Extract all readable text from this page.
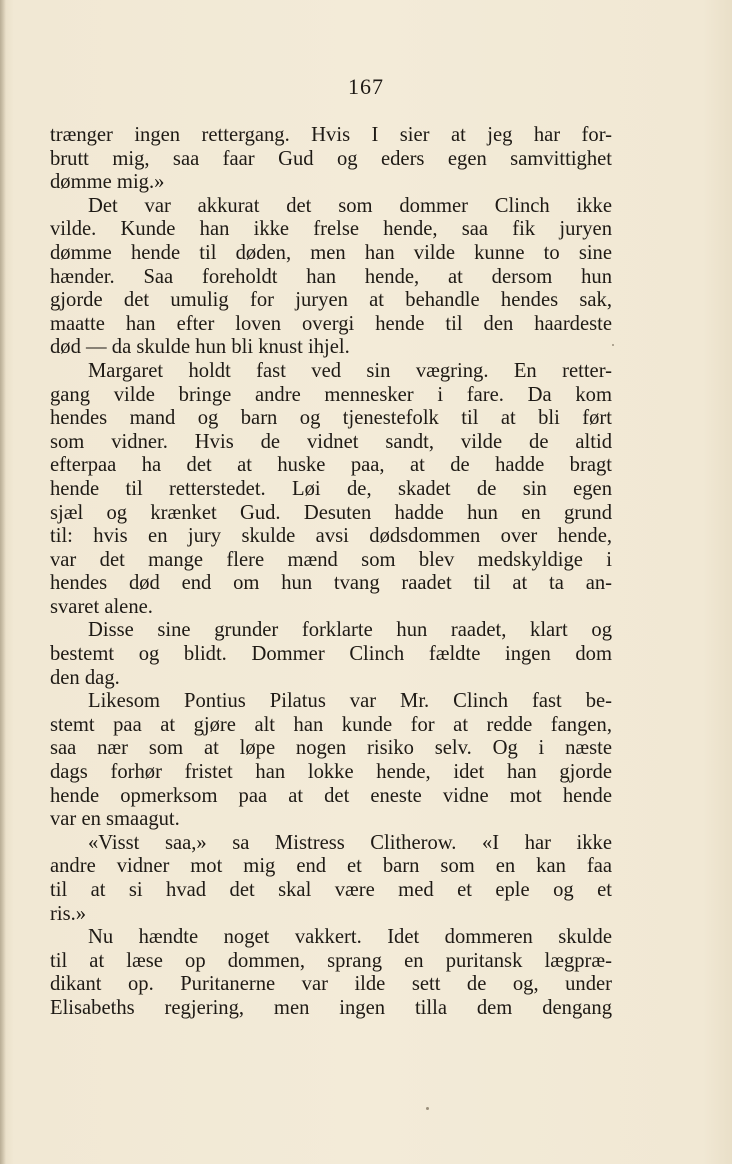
167
trænger ingen rettergang. Hvis I sier at jeg har for-
brutt mig, saa faar Gud og eders egen samvittighet
dømme mig.»
Det var akkurat det som dommer Clinch ikke
vilde. Kunde han ikke frelse hende, saa fik juryen
dømme hende til døden, men han vilde kunne to sine
hænder. Saa foreholdt han hende, at dersom hun
gjorde det umulig for juryen at behandle hendes sak,
maatte han efter loven overgi hende til den haardeste
død — da skulde hun bli knust ihjel.
Margaret holdt fast ved sin vægring. En retter-
gang vilde bringe andre mennesker i fare. Da kom
hendes mand og barn og tjenestefolk til at bli ført
som vidner. Hvis de vidnet sandt, vilde de altid
efterpaa ha det at huske paa, at de hadde bragt
hende til retterstedet. Løi de, skadet de sin egen
sjæl og krænket Gud. Desuten hadde hun en grund
til: hvis en jury skulde avsi dødsdommen over hende,
var det mange flere mænd som blev medskyldige i
hendes død end om hun tvang raadet til at ta an-
svaret alene.
Disse sine grunder forklarte hun raadet, klart og
bestemt og blidt. Dommer Clinch fældte ingen dom
den dag.
Likesom Pontius Pilatus var Mr. Clinch fast be-
stemt paa at gjøre alt han kunde for at redde fangen,
saa nær som at løpe nogen risiko selv. Og i næste
dags forhør fristet han lokke hende, idet han gjorde
hende opmerksom paa at det eneste vidne mot hende
var en smaagut.
«Visst saa,» sa Mistress Clitherow. «I har ikke
andre vidner mot mig end et barn som en kan faa
til at si hvad det skal være med et eple og et
ris.»
Nu hændte noget vakkert. Idet dommeren skulde
til at læse op dommen, sprang en puritansk lægpræ-
dikant op. Puritanerne var ilde sett de og, under
Elisabeths regjering, men ingen tilla dem dengang
